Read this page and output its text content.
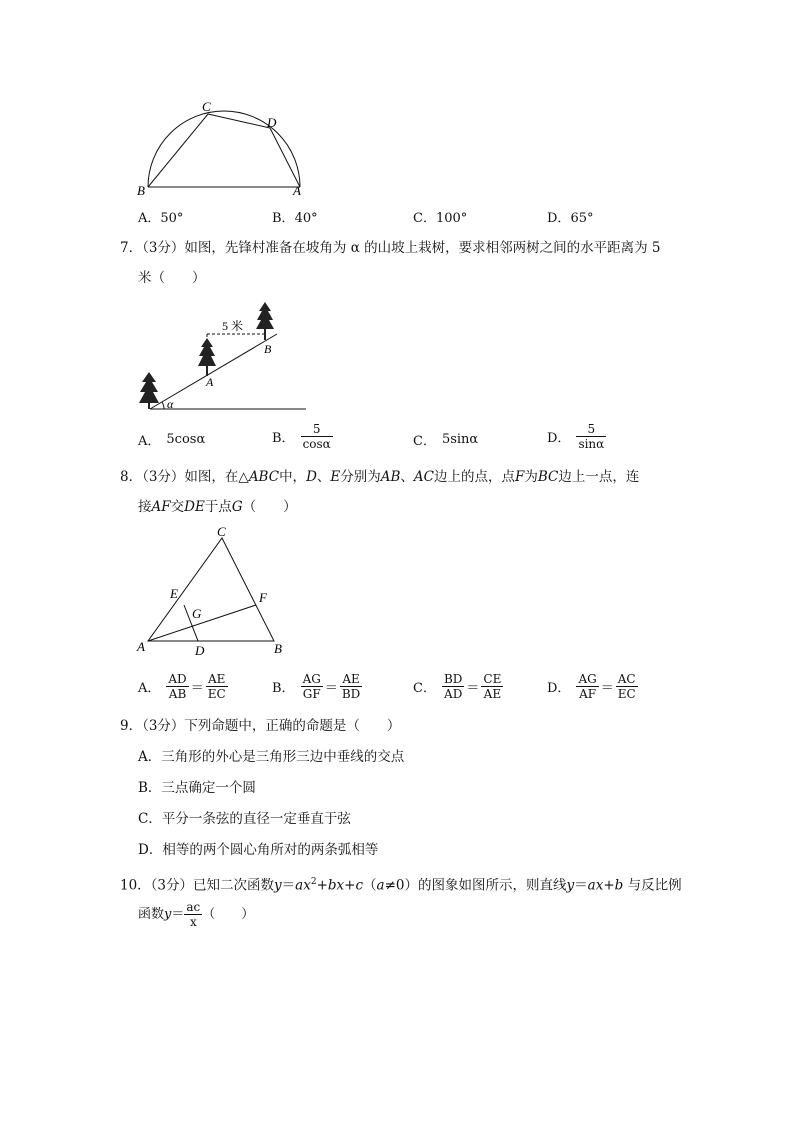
C
D
B	A
A．50°	B．40°	C．100°	D．65°
7．（3分）如图，先锋村准备在坡角为 α 的山坡上栽树，要求相邻两树之间的水平距离为 5
米（　　）
5 米
A
B
α
A． 5cosα	B． $\frac{5}{\cos\alpha}$	C． 5sinα	D． $\frac{5}{\sin\alpha}$
8．（3分）如图，在△ABC中，D、E分别为AB、AC边上的点，点F为BC边上一点，连
接AF交DE于点G（　　）
C
E	F
G
A	D	B
A． $\frac{AD}{AB} = \frac{AE}{EC}$	B． $\frac{AG}{GF} = \frac{AE}{BD}$	C． $\frac{BD}{AD} = \frac{CE}{AE}$	D． $\frac{AG}{AF} = \frac{AC}{EC}$
9．（3分）下列命题中，正确的命题是（　　）
A．三角形的外心是三角形三边中垂线的交点
B．三点确定一个圆
C．平分一条弦的直径一定垂直于弦
D．相等的两个圆心角所对的两条弧相等
10．（3分）已知二次函数$y=ax^2+bx+c(a\ne 0)$的图象如图所示，则直线y＝ax+b 与反比例
函数 $y = \frac{ac}{x}$ （　　）
